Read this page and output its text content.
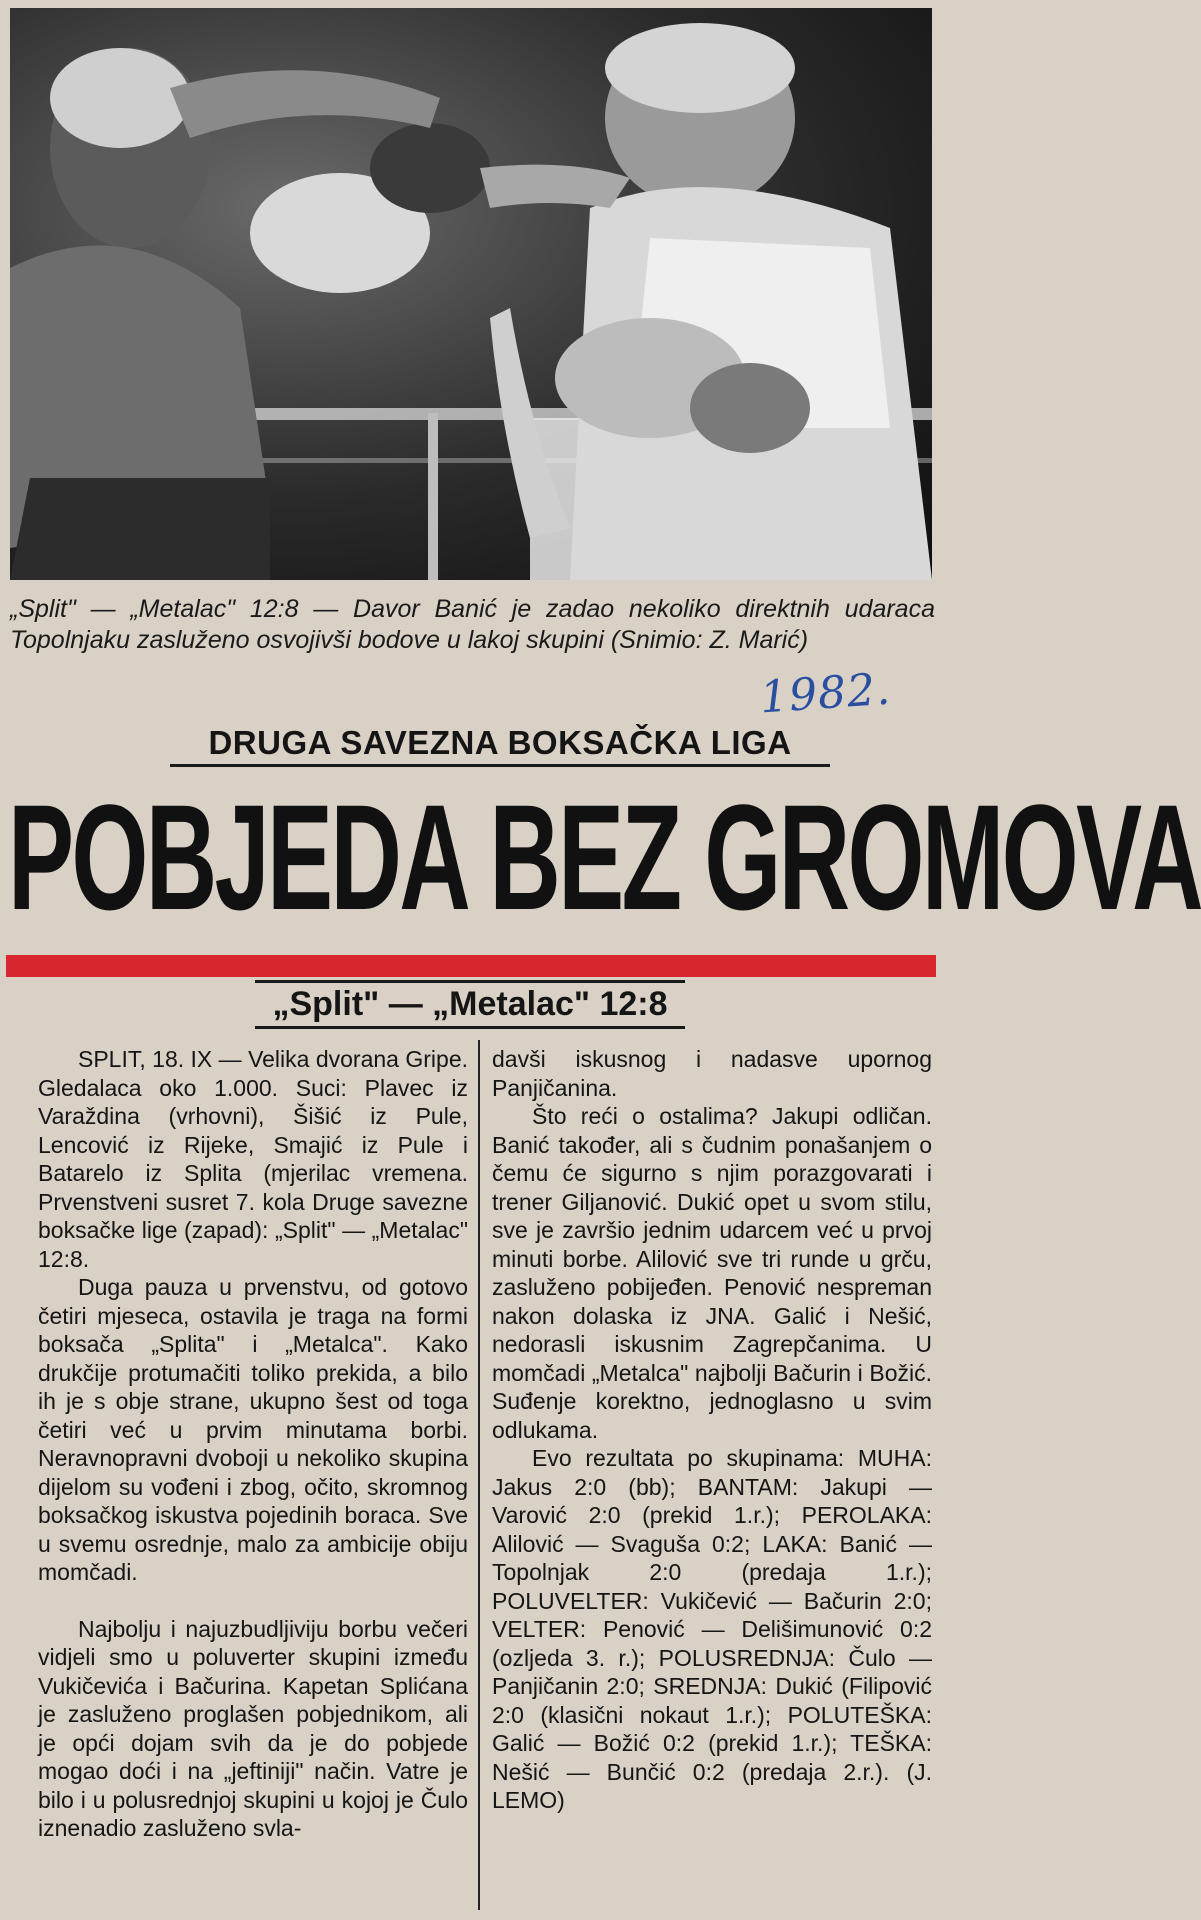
„Split" — „Metalac" 12:8 — Davor Banić je zadao nekoliko direktnih udaraca Topolnjaku zasluženo osvojivši bodove u lakoj skupini (Snimio: Z. Marić)
1982.
DRUGA SAVEZNA BOKSAČKA LIGA
POBJEDA BEZ GROMOVA
„Split" — „Metalac" 12:8

SPLIT, 18. IX — Velika dvorana Gripe. Gledalaca oko 1.000. Suci: Plavec iz Varaždina (vrhovni), Šišić iz Pule, Lencović iz Rijeke, Smajić iz Pule i Batarelo iz Splita (mjerilac vremena. Prvenstveni susret 7. kola Druge savezne boksačke lige (zapad): „Split" — „Metalac" 12:8.

Duga pauza u prvenstvu, od gotovo četiri mjeseca, ostavila je traga na formi boksača „Splita" i „Metalca". Kako drukčije protumačiti toliko prekida, a bilo ih je s obje strane, ukupno šest od toga četiri već u prvim minutama borbi. Neravnopravni dvoboji u nekoliko skupina dijelom su vođeni i zbog, očito, skromnog boksačkog iskustva pojedinih boraca. Sve u svemu osrednje, malo za ambicije obiju momčadi.

Najbolju i najuzbudljiviju borbu večeri vidjeli smo u poluverter skupini između Vukičevića i Bačurina. Kapetan Splićana je zasluženo proglašen pobjednikom, ali je opći dojam svih da je do pobjede mogao doći i na „jeftiniji" način. Vatre je bilo i u polusrednjoj skupini u kojoj je Čulo iznenadio zasluženo svla-

davši iskusnog i nadasve upornog Panjičanina.

Što reći o ostalima? Jakupi odličan. Banić također, ali s čudnim ponašanjem o čemu će sigurno s njim porazgovarati i trener Giljanović. Dukić opet u svom stilu, sve je završio jednim udarcem već u prvoj minuti borbe. Alilović sve tri runde u grču, zasluženo pobijeđen. Penović nespreman nakon dolaska iz JNA. Galić i Nešić, nedorasli iskusnim Zagrepčanima. U momčadi „Metalca" najbolji Bačurin i Božić. Suđenje korektno, jednoglasno u svim odlukama.

Evo rezultata po skupinama: MUHA: Jakus 2:0 (bb); BANTAM: Jakupi — Varović 2:0 (prekid 1.r.); PEROLAKA: Alilović — Svaguša 0:2; LAKA: Banić — Topolnjak 2:0 (predaja 1.r.); POLUVELTER: Vukičević — Bačurin 2:0; VELTER: Penović — Delišimunović 0:2 (ozljeda 3. r.); POLUSREDNJA: Čulo — Panjičanin 2:0; SREDNJA: Dukić (Filipović 2:0 (klasični nokaut 1.r.); POLUTEŠKA: Galić — Božić 0:2 (prekid 1.r.); TEŠKA: Nešić — Bunčić 0:2 (predaja 2.r.). (J. LEMO)
